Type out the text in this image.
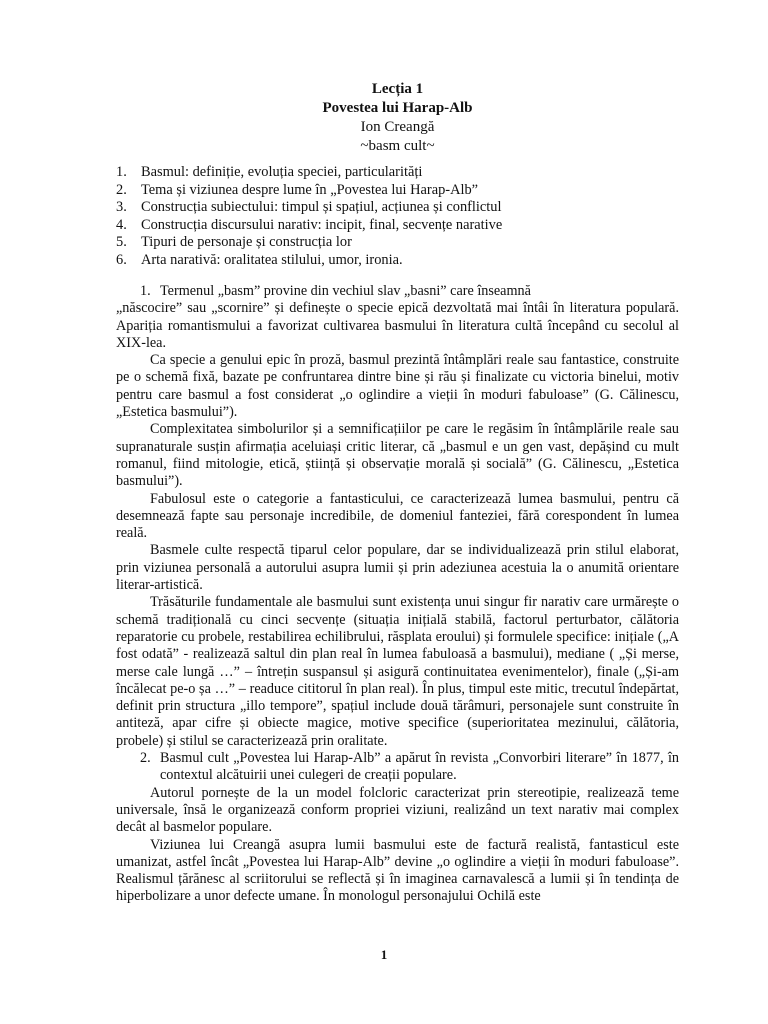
Lecția 1
Povestea lui Harap-Alb
Ion Creangă
~basm cult~
1. Basmul: definiție, evoluția speciei, particularități
2. Tema și viziunea despre lume în „Povestea lui Harap-Alb”
3. Construcția subiectului: timpul și spațiul, acțiunea și conflictul
4. Construcția discursului narativ: incipit, final, secvențe narative
5. Tipuri de personaje și construcția lor
6. Arta narativă: oralitatea stilului, umor, ironia.

1. Termenul „basm” provine din vechiul slav „basni” care înseamnă

„născocire” sau „scornire” și definește o specie epică dezvoltată mai întâi în literatura populară. Apariția romantismului a favorizat cultivarea basmului în literatura cultă începând cu secolul al XIX-lea.

Ca specie a genului epic în proză, basmul prezintă întâmplări reale sau fantastice, construite pe o schemă fixă, bazate pe confruntarea dintre bine și rău și finalizate cu victoria binelui, motiv pentru care basmul a fost considerat „o oglindire a vieții în moduri fabuloase” (G. Călinescu, „Estetica basmului”).

Complexitatea simbolurilor și a semnificațiilor pe care le regăsim în întâmplările reale sau supranaturale susțin afirmația aceluiași critic literar, că „basmul e un gen vast, depășind cu mult romanul, fiind mitologie, etică, știință și observație morală și socială” (G. Călinescu, „Estetica basmului”).

Fabulosul este o categorie a fantasticului, ce caracterizează lumea basmului, pentru că desemnează fapte sau personaje incredibile, de domeniul fanteziei, fără corespondent în lumea reală.

Basmele culte respectă tiparul celor populare, dar se individualizează prin stilul elaborat, prin viziunea personală a autorului asupra lumii și prin adeziunea acestuia la o anumită orientare literar-artistică.

Trăsăturile fundamentale ale basmului sunt existența unui singur fir narativ care urmărește o schemă tradițională cu cinci secvențe (situația inițială stabilă, factorul perturbator, călătoria reparatorie cu probele, restabilirea echilibrului, răsplata eroului) și formulele specifice: inițiale („A fost odată” - realizează saltul din plan real în lumea fabuloasă a basmului), mediane ( „Și merse, merse cale lungă …” – întrețin suspansul și asigură continuitatea evenimentelor), finale („Și-am încălecat pe-o șa …” – readuce cititorul în plan real). În plus, timpul este mitic, trecutul îndepărtat, definit prin structura „illo tempore”, spațiul include două tărâmuri, personajele sunt construite în antiteză, apar cifre și obiecte magice, motive specifice (superioritatea mezinului, călătoria, probele) și stilul se caracterizează prin oralitate.

2. Basmul cult „Povestea lui Harap-Alb” a apărut în revista „Convorbiri literare” în 1877, în contextul alcătuirii unei culegeri de creații populare.

Autorul pornește de la un model folcloric caracterizat prin stereotipie, realizează teme universale, însă le organizează conform propriei viziuni, realizând un text narativ mai complex decât al basmelor populare.

Viziunea lui Creangă asupra lumii basmului este de factură realistă, fantasticul este umanizat, astfel încât „Povestea lui Harap-Alb” devine „o oglindire a vieții în moduri fabuloase”. Realismul țărănesc al scriitorului se reflectă și în imaginea carnavalescă a lumii și în tendința de hiperbolizare a unor defecte umane. În monologul personajului Ochilă este

1
